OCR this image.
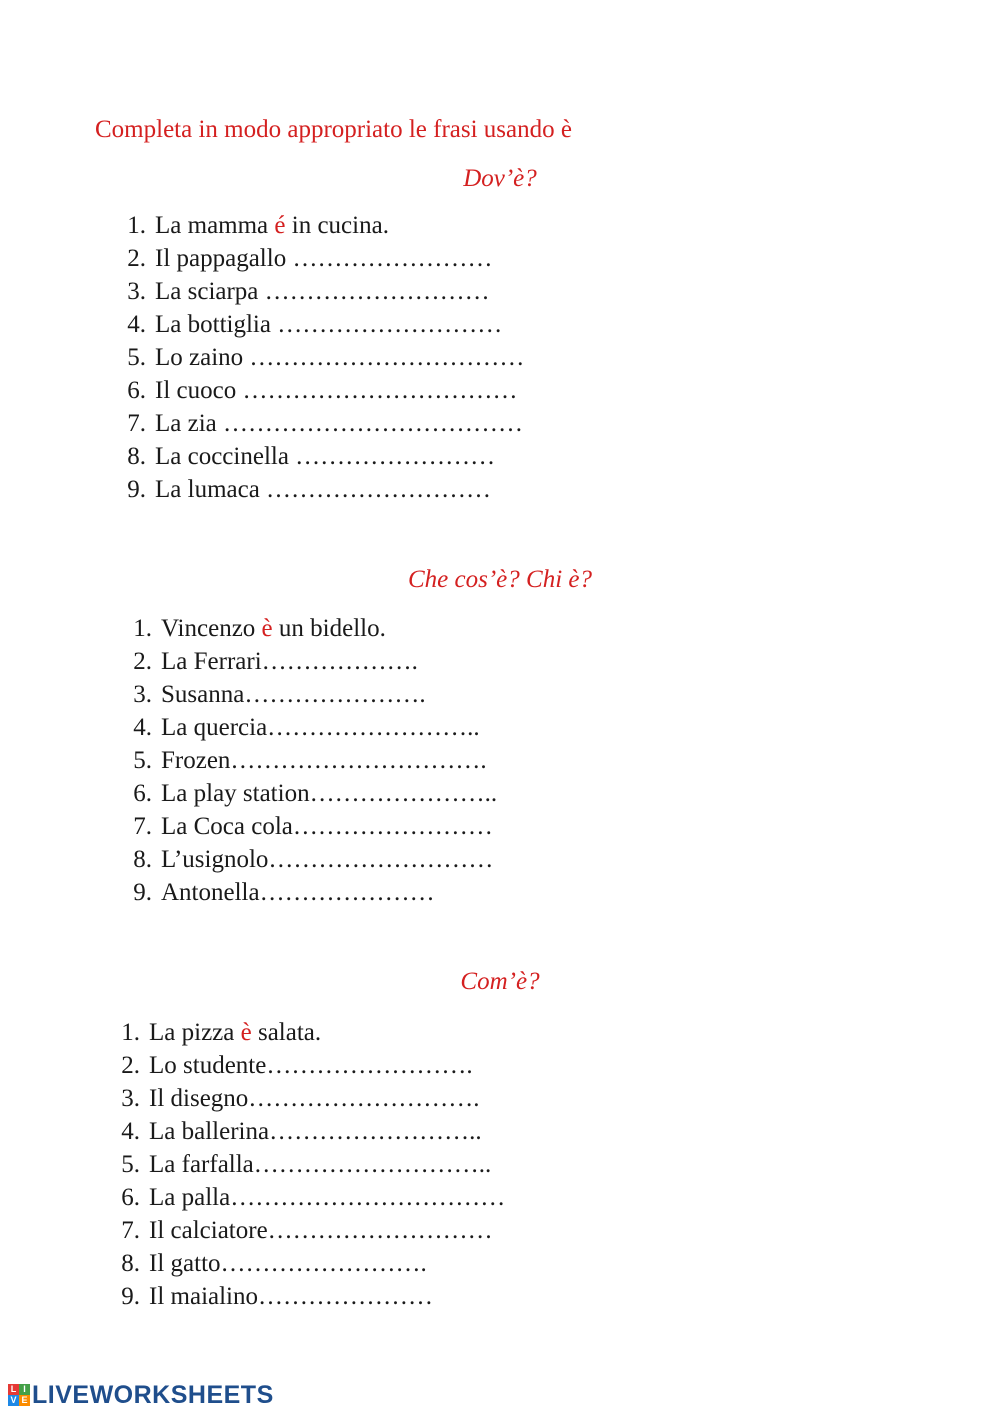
Completa in modo appropriato le frasi usando è
Dov’è?
1. La mamma é in cucina.
2. Il pappagallo ……………………
3. La sciarpa ………………………
4. La bottiglia ………………………
5. Lo zaino ……………………………
6. Il cuoco ……………………………
7. La zia ………………………………
8. La coccinella ……………………
9. La lumaca ………………………
Che cos’è? Chi è?
1. Vincenzo è un bidello.
2. La Ferrari……………….
3. Susanna………………….
4. La quercia……………………..
5. Frozen………………………….
6. La play station…………………..
7. La Coca cola……………………
8. L’usignolo………………………
9. Antonella…………………
Com’è?
1. La pizza è salata.
2. Lo studente…………………….
3. Il disegno……………………….
4. La ballerina……………………..
5. La farfalla………………………..
6. La palla……………………………
7. Il calciatore………………………
8. Il gatto…………………….
9. Il maialino…………………
L I
V E LIVEWORKSHEETS
